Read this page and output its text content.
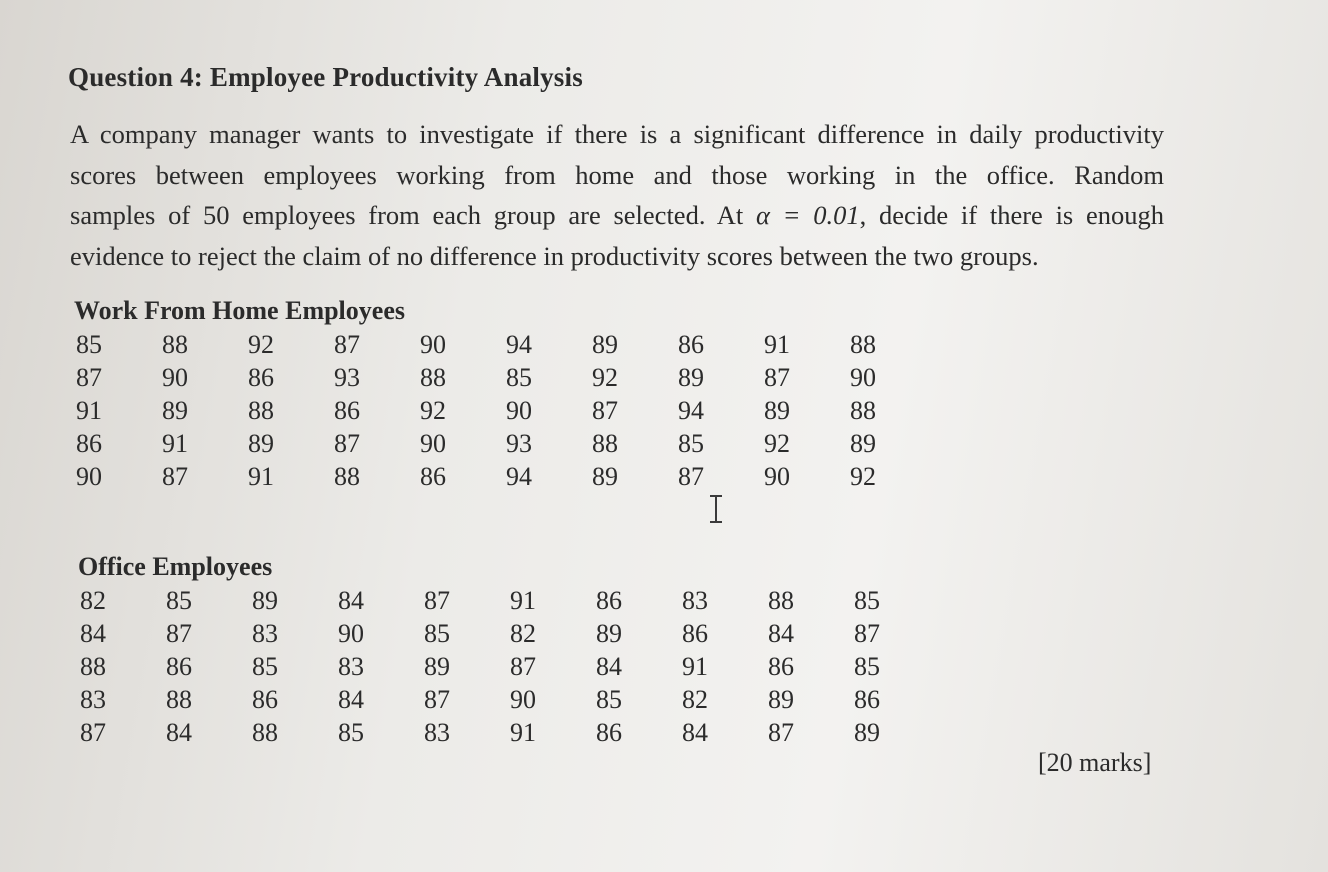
Question 4: Employee Productivity Analysis
A company manager wants to investigate if there is a significant difference in daily productivity
scores between employees working from home and those working in the office. Random
samples of 50 employees from each group are selected. At α = 0.01, decide if there is enough
evidence to reject the claim of no difference in productivity scores between the two groups.
Work From Home Employees
85	88	92	87	90	94	89	86	91	88
87	90	86	93	88	85	92	89	87	90
91	89	88	86	92	90	87	94	89	88
86	91	89	87	90	93	88	85	92	89
90	87	91	88	86	94	89	87	90	92
Office Employees
82	85	89	84	87	91	86	83	88	85
84	87	83	90	85	82	89	86	84	87
88	86	85	83	89	87	84	91	86	85
83	88	86	84	87	90	85	82	89	86
87	84	88	85	83	91	86	84	87	89
[20 marks]
